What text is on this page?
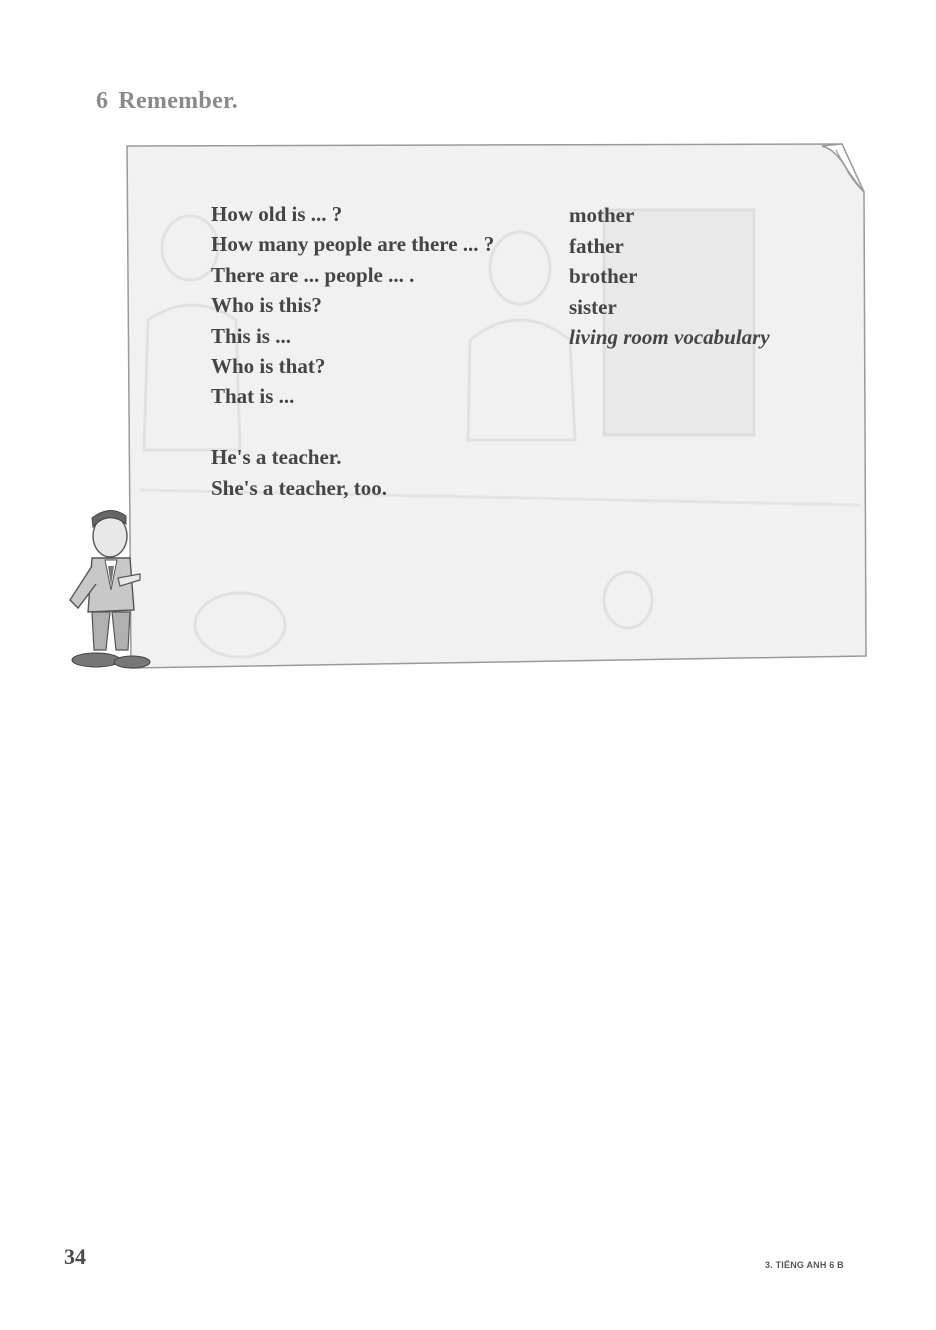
6 Remember.
How old is ... ?
How many people are there ... ?
There are ... people ... .
Who is this?
This is ...
Who is that?
That is ...
He's a teacher.
She's a teacher, too.
mother
father
brother
sister
living room vocabulary
34	3. TIẾNG ANH 6 B
